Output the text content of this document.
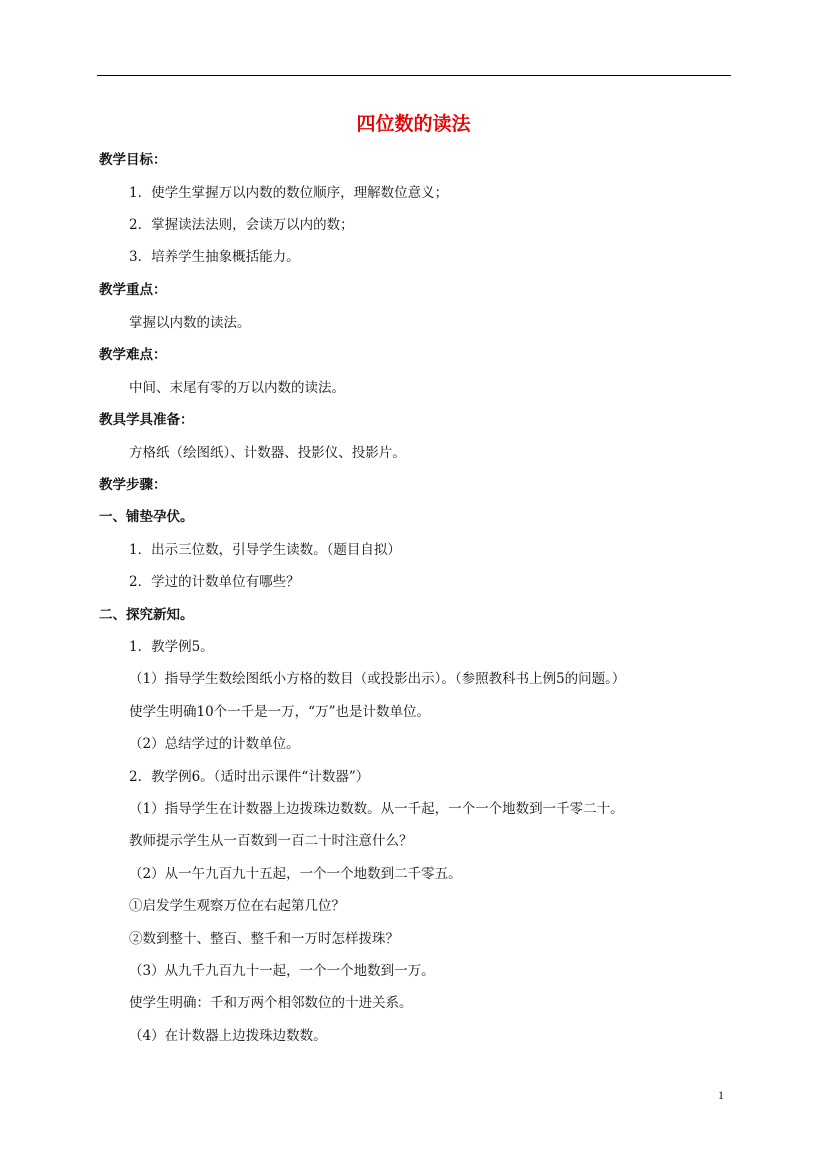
四位数的读法
教学目标：
1．使学生掌握万以内数的数位顺序，理解数位意义；
2．掌握读法法则，会读万以内的数；
3．培养学生抽象概括能力。
教学重点：
掌握以内数的读法。
教学难点：
中间、末尾有零的万以内数的读法。
教具学具准备：
方格纸（绘图纸）、计数器、投影仪、投影片。
教学步骤：
一、铺垫孕伏。
1．出示三位数，引导学生读数。（题目自拟）
2．学过的计数单位有哪些？
二、探究新知。
1．教学例5。
（1）指导学生数绘图纸小方格的数目（或投影出示）。（参照教科书上例5的问题。）
使学生明确10个一千是一万，“万”也是计数单位。
（2）总结学过的计数单位。
2．教学例6。（适时出示课件“计数器”）
（1）指导学生在计数器上边拨珠边数数。从一千起，一个一个地数到一千零二十。
教师提示学生从一百数到一百二十时注意什么？
（2）从一午九百九十五起，一个一个地数到二千零五。
①启发学生观察万位在右起第几位？
②数到整十、整百、整千和一万时怎样拨珠？
（3）从九千九百九十一起，一个一个地数到一万。
使学生明确：千和万两个相邻数位的十进关系。
（4）在计数器上边拨珠边数数。
1
